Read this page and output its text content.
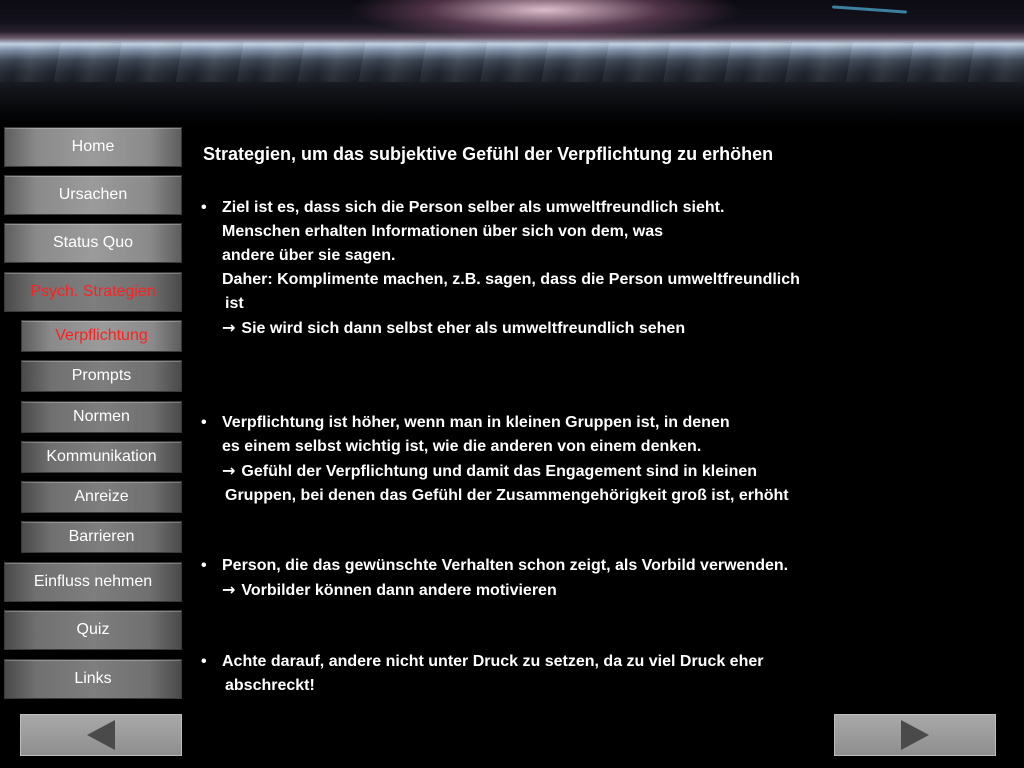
Home
Ursachen
Status Quo
Psych. Strategien
Verpflichtung
Prompts
Normen
Kommunikation
Anreize
Barrieren
Einfluss nehmen
Quiz
Links
Strategien, um das subjektive Gefühl der Verpflichtung zu erhöhen
• Ziel ist es, dass sich die Person selber als umweltfreundlich sieht.
Menschen erhalten Informationen über sich von dem, was
andere über sie sagen.
Daher: Komplimente machen, z.B. sagen, dass die Person umweltfreundlich
ist
→ Sie wird sich dann selbst eher als umweltfreundlich sehen
• Verpflichtung ist höher, wenn man in kleinen Gruppen ist, in denen
es einem selbst wichtig ist, wie die anderen von einem denken.
→ Gefühl der Verpflichtung und damit das Engagement sind in kleinen
Gruppen, bei denen das Gefühl der Zusammengehörigkeit groß ist, erhöht
• Person, die das gewünschte Verhalten schon zeigt, als Vorbild verwenden.
→ Vorbilder können dann andere motivieren
• Achte darauf, andere nicht unter Druck zu setzen, da zu viel Druck eher
abschreckt!
